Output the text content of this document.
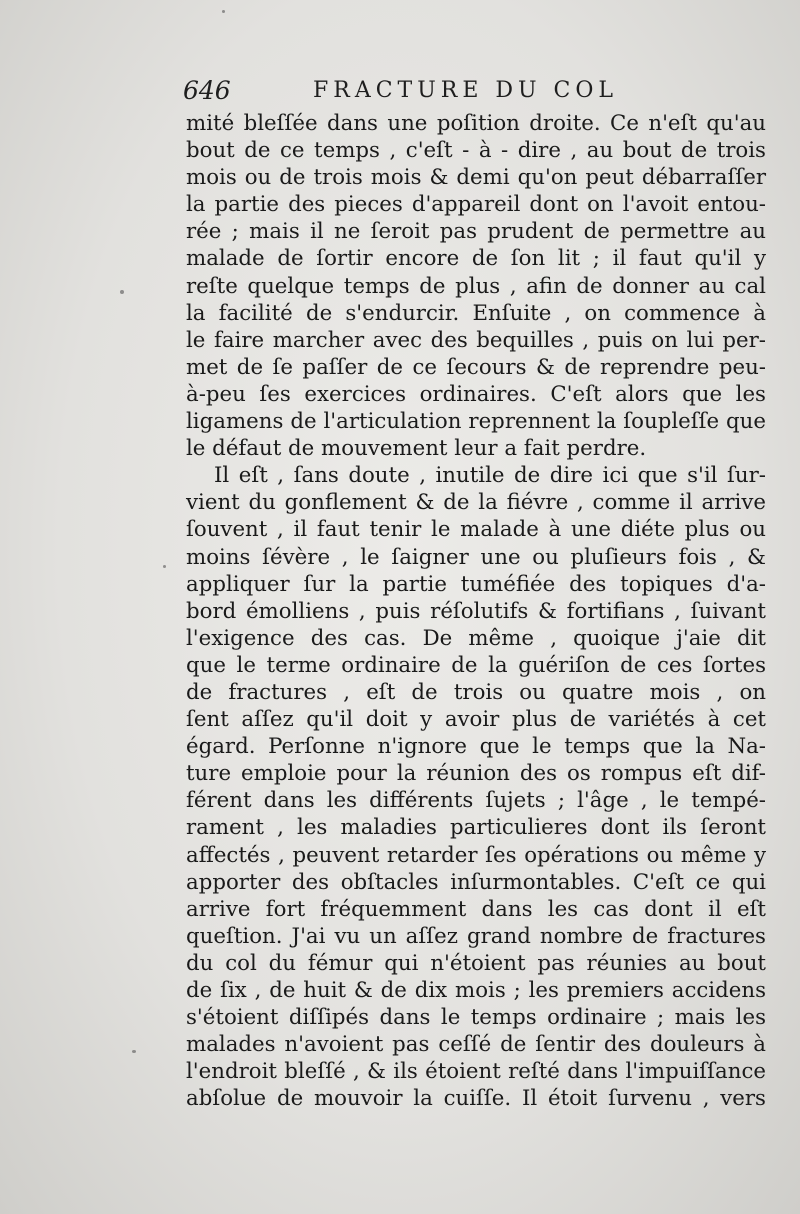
646	FRACTURE DU COL
mité bleſſée dans une poſition droite. Ce n'eſt qu'au
bout de ce temps , c'eſt - à - dire , au bout de trois
mois ou de trois mois & demi qu'on peut débarraſſer
la partie des pieces d'appareil dont on l'avoit entou-
rée ; mais il ne ſeroit pas prudent de permettre au
malade de ſortir encore de ſon lit ; il faut qu'il y
reſte quelque temps de plus , afin de donner au cal
la facilité de s'endurcir. Enſuite , on commence à
le faire marcher avec des bequilles , puis on lui per-
met de ſe paſſer de ce ſecours & de reprendre peu-
à-peu ſes exercices ordinaires. C'eſt alors que les
ligamens de l'articulation reprennent la ſoupleſſe que
le défaut de mouvement leur a fait perdre.
Il eſt , ſans doute , inutile de dire ici que s'il ſur-
vient du gonflement & de la fiévre , comme il arrive
ſouvent , il faut tenir le malade à une diéte plus ou
moins ſévère , le ſaigner une ou pluſieurs fois , &
appliquer ſur la partie tuméfiée des topiques d'a-
bord émolliens , puis réſolutifs & fortifians , ſuivant
l'exigence des cas. De même , quoique j'aie dit
que le terme ordinaire de la guériſon de ces ſortes
de fractures , eſt de trois ou quatre mois , on
ſent aſſez qu'il doit y avoir plus de variétés à cet
égard. Perſonne n'ignore que le temps que la Na-
ture emploie pour la réunion des os rompus eſt dif-
férent dans les différents ſujets ; l'âge , le tempé-
rament , les maladies particulieres dont ils ſeront
affectés , peuvent retarder ſes opérations ou même y
apporter des obſtacles inſurmontables. C'eſt ce qui
arrive fort fréquemment dans les cas dont il eſt
queſtion. J'ai vu un aſſez grand nombre de fractures
du col du fémur qui n'étoient pas réunies au bout
de ſix , de huit & de dix mois ; les premiers accidens
s'étoient diſſipés dans le temps ordinaire ; mais les
malades n'avoient pas ceſſé de ſentir des douleurs à
l'endroit bleſſé , & ils étoient reſté dans l'impuiſſance
abſolue de mouvoir la cuiſſe. Il étoit ſurvenu , vers
